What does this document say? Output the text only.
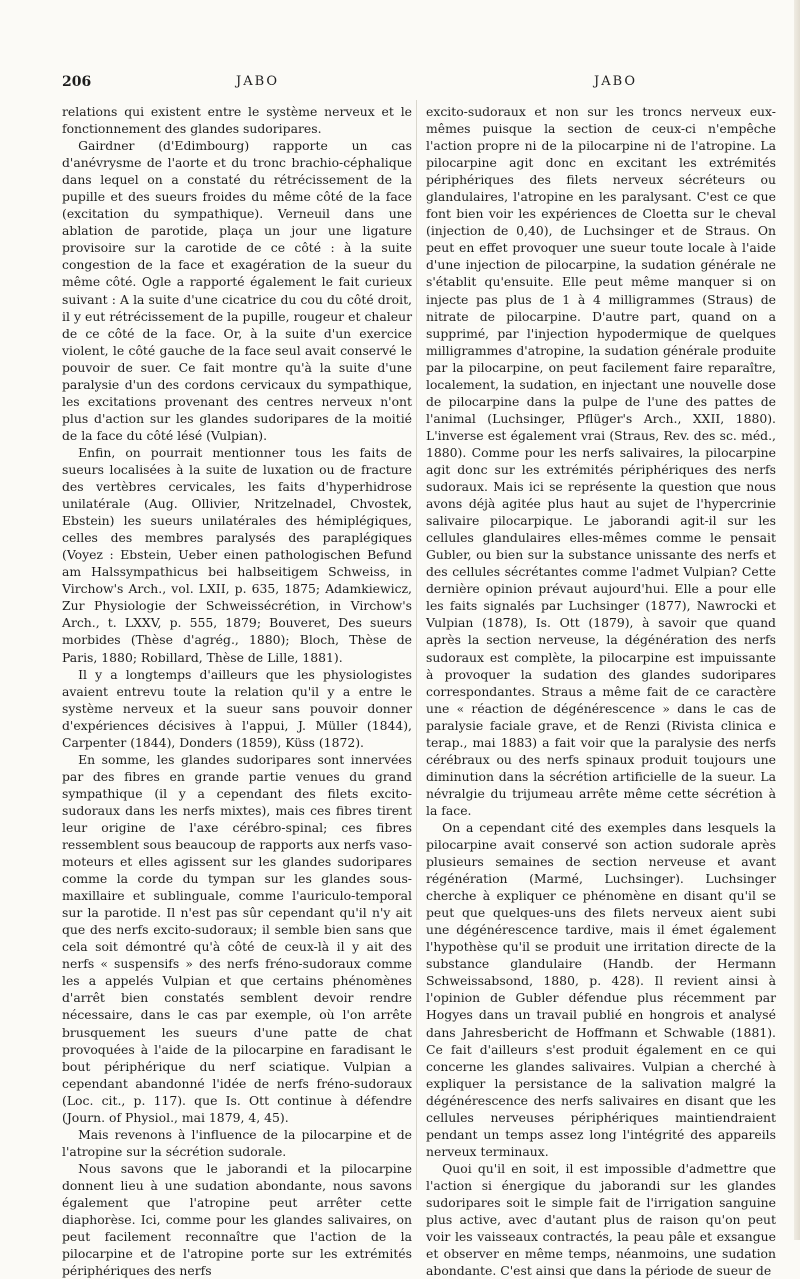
206	JABO	JABO

relations qui existent entre le système nerveux et le fonctionnement des glandes sudoripares.

Gairdner (d'Edimbourg) rapporte un cas d'anévrysme de l'aorte et du tronc brachio-céphalique dans lequel on a constaté du rétrécissement de la pupille et des sueurs froides du même côté de la face (excitation du sympathique). Verneuil dans une ablation de parotide, plaça un jour une ligature provisoire sur la carotide de ce côté : à la suite congestion de la face et exagération de la sueur du même côté. Ogle a rapporté également le fait curieux suivant : A la suite d'une cicatrice du cou du côté droit, il y eut rétrécissement de la pupille, rougeur et chaleur de ce côté de la face. Or, à la suite d'un exercice violent, le côté gauche de la face seul avait conservé le pouvoir de suer. Ce fait montre qu'à la suite d'une paralysie d'un des cordons cervicaux du sympathique, les excitations provenant des centres nerveux n'ont plus d'action sur les glandes sudoripares de la moitié de la face du côté lésé (Vulpian).

Enfin, on pourrait mentionner tous les faits de sueurs localisées à la suite de luxation ou de fracture des vertèbres cervicales, les faits d'hyperhidrose unilatérale (Aug. Ollivier, Nritzelnadel, Chvostek, Ebstein) les sueurs unilatérales des hémiplégiques, celles des membres paralysés des paraplégiques (Voyez : Ebstein, Ueber einen pathologischen Befund am Halssympathicus bei halbseitigem Schweiss, in Virchow's Arch., vol. LXII, p. 635, 1875; Adamkiewicz, Zur Physiologie der Schweissécrétion, in Virchow's Arch., t. LXXV, p. 555, 1879; Bouveret, Des sueurs morbides (Thèse d'agrég., 1880); Bloch, Thèse de Paris, 1880; Robillard, Thèse de Lille, 1881).

Il y a longtemps d'ailleurs que les physiologistes avaient entrevu toute la relation qu'il y a entre le système nerveux et la sueur sans pouvoir donner d'expériences décisives à l'appui, J. Müller (1844), Carpenter (1844), Donders (1859), Küss (1872).

En somme, les glandes sudoripares sont innervées par des fibres en grande partie venues du grand sympathique (il y a cependant des filets excito-sudoraux dans les nerfs mixtes), mais ces fibres tirent leur origine de l'axe cérébro-spinal; ces fibres ressemblent sous beaucoup de rapports aux nerfs vaso-moteurs et elles agissent sur les glandes sudoripares comme la corde du tympan sur les glandes sous-maxillaire et sublinguale, comme l'auriculo-temporal sur la parotide. Il n'est pas sûr cependant qu'il n'y ait que des nerfs excito-sudoraux; il semble bien sans que cela soit démontré qu'à côté de ceux-là il y ait des nerfs « suspensifs » des nerfs fréno-sudoraux comme les a appelés Vulpian et que certains phénomènes d'arrêt bien constatés semblent devoir rendre nécessaire, dans le cas par exemple, où l'on arrête brusquement les sueurs d'une patte de chat provoquées à l'aide de la pilocarpine en faradisant le bout périphérique du nerf sciatique. Vulpian a cependant abandonné l'idée de nerfs fréno-sudoraux (Loc. cit., p. 117). que Is. Ott continue à défendre (Journ. of Physiol., mai 1879, 4, 45).

Mais revenons à l'influence de la pilocarpine et de l'atropine sur la sécrétion sudorale.

Nous savons que le jaborandi et la pilocarpine donnent lieu à une sudation abondante, nous savons également que l'atropine peut arrêter cette diaphorèse. Ici, comme pour les glandes salivaires, on peut facilement reconnaître que l'action de la pilocarpine et de l'atropine porte sur les extrémités périphériques des nerfs

excito-sudoraux et non sur les troncs nerveux eux-mêmes puisque la section de ceux-ci n'empêche l'action propre ni de la pilocarpine ni de l'atropine. La pilocarpine agit donc en excitant les extrémités périphériques des filets nerveux sécréteurs ou glandulaires, l'atropine en les paralysant. C'est ce que font bien voir les expériences de Cloetta sur le cheval (injection de 0,40), de Luchsinger et de Straus. On peut en effet provoquer une sueur toute locale à l'aide d'une injection de pilocarpine, la sudation générale ne s'établit qu'ensuite. Elle peut même manquer si on injecte pas plus de 1 à 4 milligrammes (Straus) de nitrate de pilocarpine. D'autre part, quand on a supprimé, par l'injection hypodermique de quelques milligrammes d'atropine, la sudation générale produite par la pilocarpine, on peut facilement faire reparaître, localement, la sudation, en injectant une nouvelle dose de pilocarpine dans la pulpe de l'une des pattes de l'animal (Luchsinger, Pflüger's Arch., XXII, 1880). L'inverse est également vrai (Straus, Rev. des sc. méd., 1880). Comme pour les nerfs salivaires, la pilocarpine agit donc sur les extrémités périphériques des nerfs sudoraux. Mais ici se représente la question que nous avons déjà agitée plus haut au sujet de l'hypercrinie salivaire pilocarpique. Le jaborandi agit-il sur les cellules glandulaires elles-mêmes comme le pensait Gubler, ou bien sur la substance unissante des nerfs et des cellules sécrétantes comme l'admet Vulpian? Cette dernière opinion prévaut aujourd'hui. Elle a pour elle les faits signalés par Luchsinger (1877), Nawrocki et Vulpian (1878), Is. Ott (1879), à savoir que quand après la section nerveuse, la dégénération des nerfs sudoraux est complète, la pilocarpine est impuissante à provoquer la sudation des glandes sudoripares correspondantes. Straus a même fait de ce caractère une « réaction de dégénérescence » dans le cas de paralysie faciale grave, et de Renzi (Rivista clinica e terap., mai 1883) a fait voir que la paralysie des nerfs cérébraux ou des nerfs spinaux produit toujours une diminution dans la sécrétion artificielle de la sueur. La névralgie du trijumeau arrête même cette sécrétion à la face.

On a cependant cité des exemples dans lesquels la pilocarpine avait conservé son action sudorale après plusieurs semaines de section nerveuse et avant régénération (Marmé, Luchsinger). Luchsinger cherche à expliquer ce phénomène en disant qu'il se peut que quelques-uns des filets nerveux aient subi une dégénérescence tardive, mais il émet également l'hypothèse qu'il se produit une irritation directe de la substance glandulaire (Handb. der Hermann Schweissabsond, 1880, p. 428). Il revient ainsi à l'opinion de Gubler défendue plus récemment par Hogyes dans un travail publié en hongrois et analysé dans Jahresbericht de Hoffmann et Schwable (1881). Ce fait d'ailleurs s'est produit également en ce qui concerne les glandes salivaires. Vulpian a cherché à expliquer la persistance de la salivation malgré la dégénérescence des nerfs salivaires en disant que les cellules nerveuses périphériques maintiendraient pendant un temps assez long l'intégrité des appareils nerveux terminaux.

Quoi qu'il en soit, il est impossible d'admettre que l'action si énergique du jaborandi sur les glandes sudoripares soit le simple fait de l'irrigation sanguine plus active, avec d'autant plus de raison qu'on peut voir les vaisseaux contractés, la peau pâle et exsangue et observer en même temps, néanmoins, une sudation abondante. C'est ainsi que dans la période de sueur de
